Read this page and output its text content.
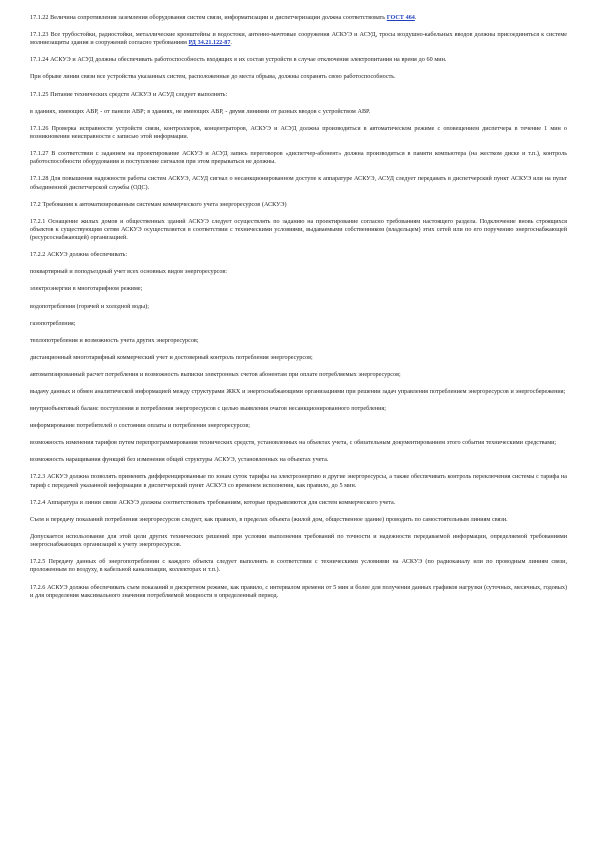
17.1.22 Величина сопротивления заземления оборудования систем связи, информатизации и диспетчеризации должна соответствовать ГОСТ 464.

17.1.23 Все трубостойки, радиостойки, металлические кронштейны и водостоки, антенно-мачтовые сооружения АСКУЭ и АСУД, тросы воздушно-кабельных вводов должны присоединяться к системе молниезащиты здания и сооружений согласно требованиям РД 34.21.122-87.

17.1.24 АСКУЭ и АСУД должны обеспечивать работоспособность входящих в их состав устройств в случае отключения электропитания на время до 60 мин.

При обрыве линии связи все устройства указанных систем, расположенные до места обрыва, должны сохранять свою работоспособность.

17.1.25 Питание технических средств АСКУЭ и АСУД следует выполнять:

в зданиях, имеющих АВР, - от панели АВР; в зданиях, не имеющих АВР, - двумя линиями от разных вводов с устройством АВР.

17.1.26 Проверка исправности устройств связи, контроллеров, концентраторов, АСКУЭ и АСУД должна производиться в автоматическом режиме с оповещением диспетчера в течение 1 мин о возникновении неисправности с записью этой информации.

17.1.27 В соответствии с заданием на проектирование АСКУЭ и АСУД запись переговоров «диспетчер-абонент» должна производиться в памяти компьютера (на жестком диске и т.п.), контроль работоспособности оборудования и поступление сигналов при этом прерываться не должны.

17.1.28 Для повышения надежности работы систем АСКУЭ, АСУД сигнал о несанкционированном доступе к аппаратуре АСКУЭ, АСУД следует передавать в диспетчерский пункт АСКУЭ или на пульт объединенной диспетчерской службы (ОДС).

17.2 Требования к автоматизированным системам коммерческого учета энергоресурсов (АСКУЭ)

17.2.1 Оснащение жилых домов и общественных зданий АСКУЭ следует осуществлять по заданию на проектирование согласно требованиям настоящего раздела. Подключение вновь строящихся объектов к существующим сетям АСКУЭ осуществляется в соответствии с техническими условиями, выдаваемыми собственником (владельцем) этих сетей или по его поручению энергоснабжающей (ресурсоснабжающей) организацией.

17.2.2 АСКУЭ должна обеспечивать:

поквартирный и поподъездный учет всех основных видов энергоресурсов:

электроэнергии в многотарифном режиме;

водопотребления (горячей и холодной воды);

газопотребления;

теплопотребления и возможность учета других энергоресурсов;

дистанционный многотарифный коммерческий учет и достоверный контроль потребления энергоресурсов;

автоматизированный расчет потребления и возможность выписки электронных счетов абонентам при оплате потребляемых энергоресурсов;

выдачу данных и обмен аналитической информацией между структурами ЖКХ и энергоснабжающими организациями при решении задач управления потреблением энергоресурсов и энергосбережения;

внутриобъектовый баланс поступления и потребления энергоресурсов с целью выявления очагов несанкционированного потребления;

информирование потребителей о состоянии оплаты и потребления энергоресурсов;

возможность изменения тарифов путем перепрограммирования технических средств, установленных на объектах учета, с обязательным документированием этого события техническими средствами;

возможность наращивания функций без изменения общей структуры АСКУЭ, установленных на объектах учета.

17.2.3 АСКУЭ должна позволять применять дифференцированные по зонам суток тарифы на электроэнергию и другие энергоресурсы, а также обеспечивать контроль переключения системы с тарифа на тариф с передачей указанной информации в диспетчерский пункт АСКУЭ со временем исполнения, как правило, до 5 мин.

17.2.4 Аппаратура и линии связи АСКУЭ должны соответствовать требованиям, которые предъявляются для систем коммерческого учета.

Съем и передачу показаний потребления энергоресурсов следует, как правило, в пределах объекта (жилой дом, общественное здание) проводить по самостоятельным линиям связи.

Допускается использование для этой цели других технических решений при условии выполнения требований по точности и надежности передаваемой информации, определяемой требованиями энергоснабжающих организаций к учету энергоресурсов.

17.2.5 Передачу данных об энергопотреблении с каждого объекта следует выполнять в соответствии с техническими условиями на АСКУЭ (по радиоканалу или по проводным линиям связи, проложенным по воздуху, в кабельной канализации, коллекторах и т.п.).

17.2.6 АСКУЭ должна обеспечивать съем показаний в дискретном режиме, как правило, с интервалом времени от 5 мин и более для получения данных графиков нагрузки (суточных, месячных, годовых) и для определения максимального значения потребляемой мощности в определенный период.
